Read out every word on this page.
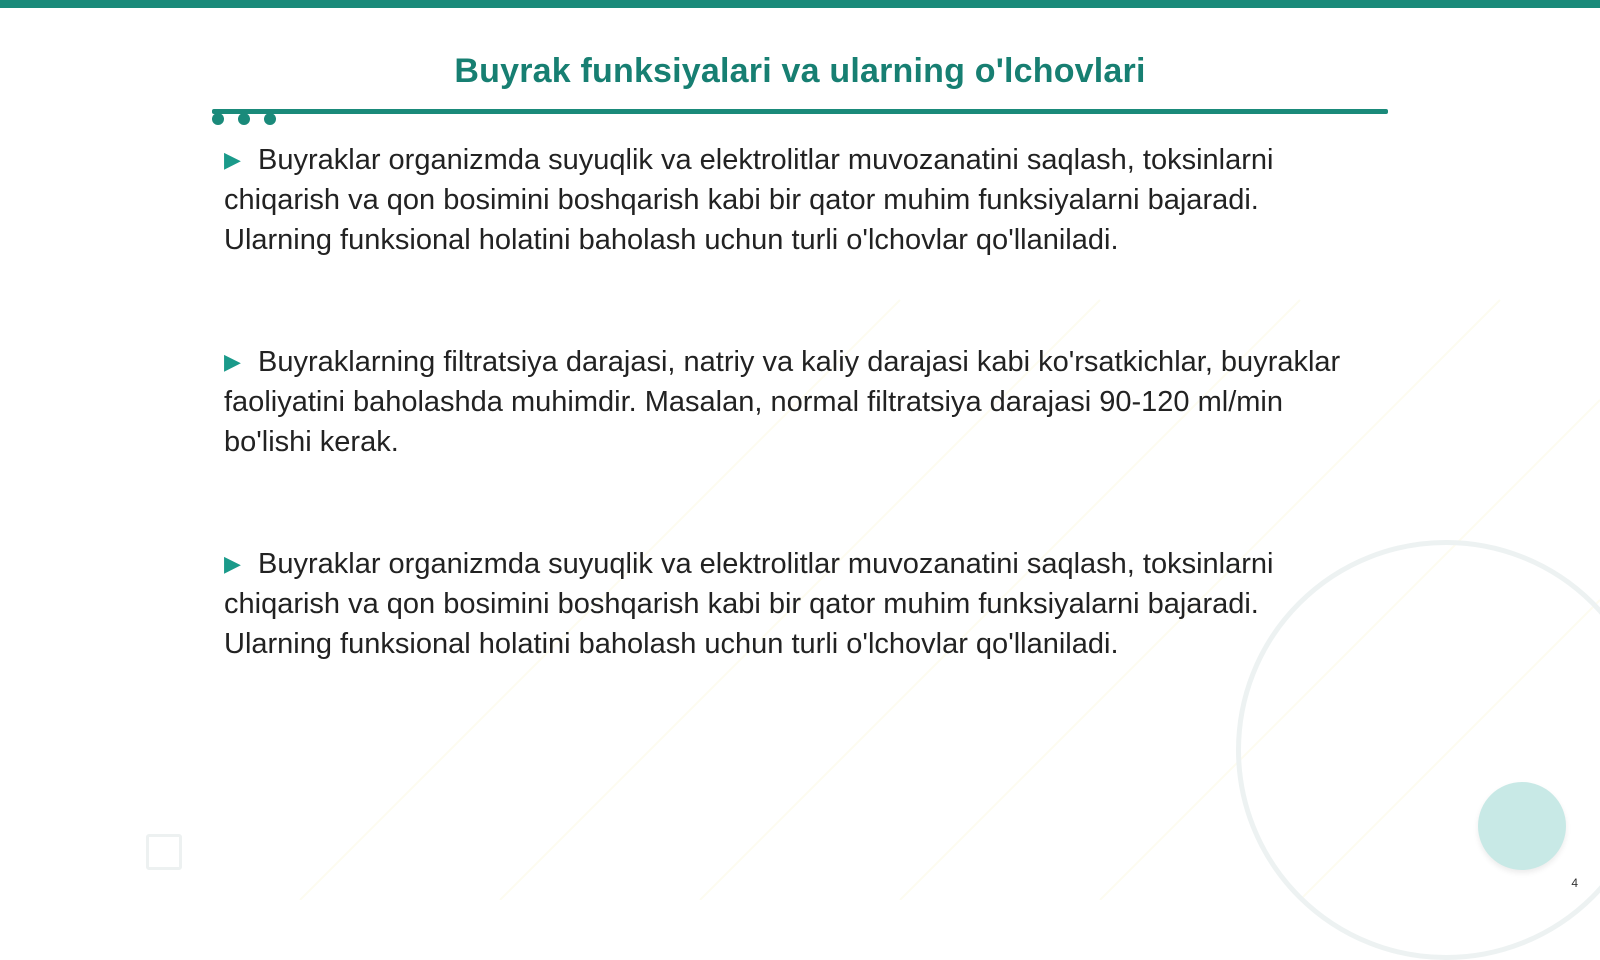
Buyrak funksiyalari va ularning o'lchovlari

▶ Buyraklar organizmda suyuqlik va elektrolitlar muvozanatini saqlash, toksinlarni chiqarish va qon bosimini boshqarish kabi bir qator muhim funksiyalarni bajaradi. Ularning funksional holatini baholash uchun turli o'lchovlar qo'llaniladi.

▶ Buyraklarning filtratsiya darajasi, natriy va kaliy darajasi kabi ko'rsatkichlar, buyraklar faoliyatini baholashda muhimdir. Masalan, normal filtratsiya darajasi 90-120 ml/min bo'lishi kerak.

▶ Buyraklar organizmda suyuqlik va elektrolitlar muvozanatini saqlash, toksinlarni chiqarish va qon bosimini boshqarish kabi bir qator muhim funksiyalarni bajaradi. Ularning funksional holatini baholash uchun turli o'lchovlar qo'llaniladi.

4
